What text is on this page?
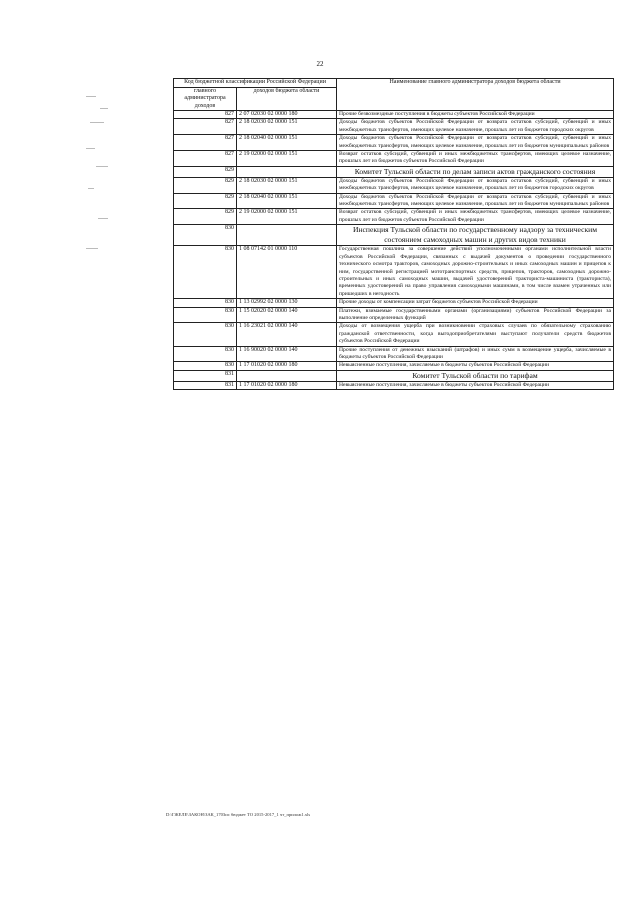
22
Код бюджетной классификации Российской Федерации		Наименование главного администратора доходов бюджета области
главного администратора доходов	доходов бюджета области	
827	2 07 02030 02 0000 180	Прочие безвозмездные поступления в бюджеты субъектов Российской Федерации
827	2 18 02030 02 0000 151	Доходы бюджетов субъектов Российской Федерации от возврата остатков субсидий, субвенций и иных межбюджетных трансфертов, имеющих целевое назначение, прошлых лет из бюджетов городских округов
827	2 18 02040 02 0000 151	Доходы бюджетов субъектов Российской Федерации от возврата остатков субсидий, субвенций и иных межбюджетных трансфертов, имеющих целевое назначение, прошлых лет из бюджетов муниципальных районов
827	2 19 02000 02 0000 151	Возврат остатков субсидий, субвенций и иных межбюджетных трансфертов, имеющих целевое назначение, прошлых лет из бюджетов субъектов Российской Федерации
829		Комитет Тульской области по делам записи актов гражданского состояния
829	2 18 02030 02 0000 151	Доходы бюджетов субъектов Российской Федерации от возврата остатков субсидий, субвенций и иных межбюджетных трансфертов, имеющих целевое назначение, прошлых лет из бюджетов городских округов
829	2 18 02040 02 0000 151	Доходы бюджетов субъектов Российской Федерации от возврата остатков субсидий, субвенций и иных межбюджетных трансфертов, имеющих целевое назначение, прошлых лет из бюджетов муниципальных районов
829	2 19 02000 02 0000 151	Возврат остатков субсидий, субвенций и иных межбюджетных трансфертов, имеющих целевое назначение, прошлых лет из бюджетов субъектов Российской Федерации
830		Инспекция Тульской области по государственному надзору за техническим состоянием самоходных машин и других видов техники
830	1 08 07142 01 0000 110	Государственная пошлина за совершение действий уполномоченными органами исполнительной власти субъектов Российской Федерации, связанных с выдачей документов о проведении государственного технического осмотра тракторов, самоходных дорожно-строительных и иных самоходных машин и прицепов к ним, государственной регистрацией мототранспортных средств, прицепов, тракторов, самоходных дорожно-строительных и иных самоходных машин, выдачей удостоверений тракториста-машиниста (тракториста), временных удостоверений на право управления самоходными машинами, в том числе взамен утраченных или пришедших в негодность
830	1 13 02992 02 0000 130	Прочие доходы от компенсации затрат бюджетов субъектов Российской Федерации
830	1 15 02020 02 0000 140	Платежи, взимаемые государственными органами (организациями) субъектов Российской Федерации за выполнение определенных функций
830	1 16 23021 02 0000 140	Доходы от возмещения ущерба при возникновении страховых случаев по обязательному страхованию гражданской ответственности, когда выгодоприобретателями выступают получатели средств бюджетов субъектов Российской Федерации
830	1 16 90020 02 0000 140	Прочие поступления от денежных взысканий (штрафов) и иных сумм в возмещение ущерба, зачисляемые в бюджеты субъектов Российской Федерации
830	1 17 01020 02 0000 180	Невыясненные поступления, зачисляемые в бюджеты субъектов Российской Федерации
831		Комитет Тульской области по тарифам
831	1 17 01020 02 0000 180	Невыясненные поступления, зачисляемые в бюджеты субъектов Российской Федерации
D:\ГЖЕЛЕ\ЗАКОН\ЗАК_1703ис бюджет ТО 2015-2017_1 чт_прилож1.xls
